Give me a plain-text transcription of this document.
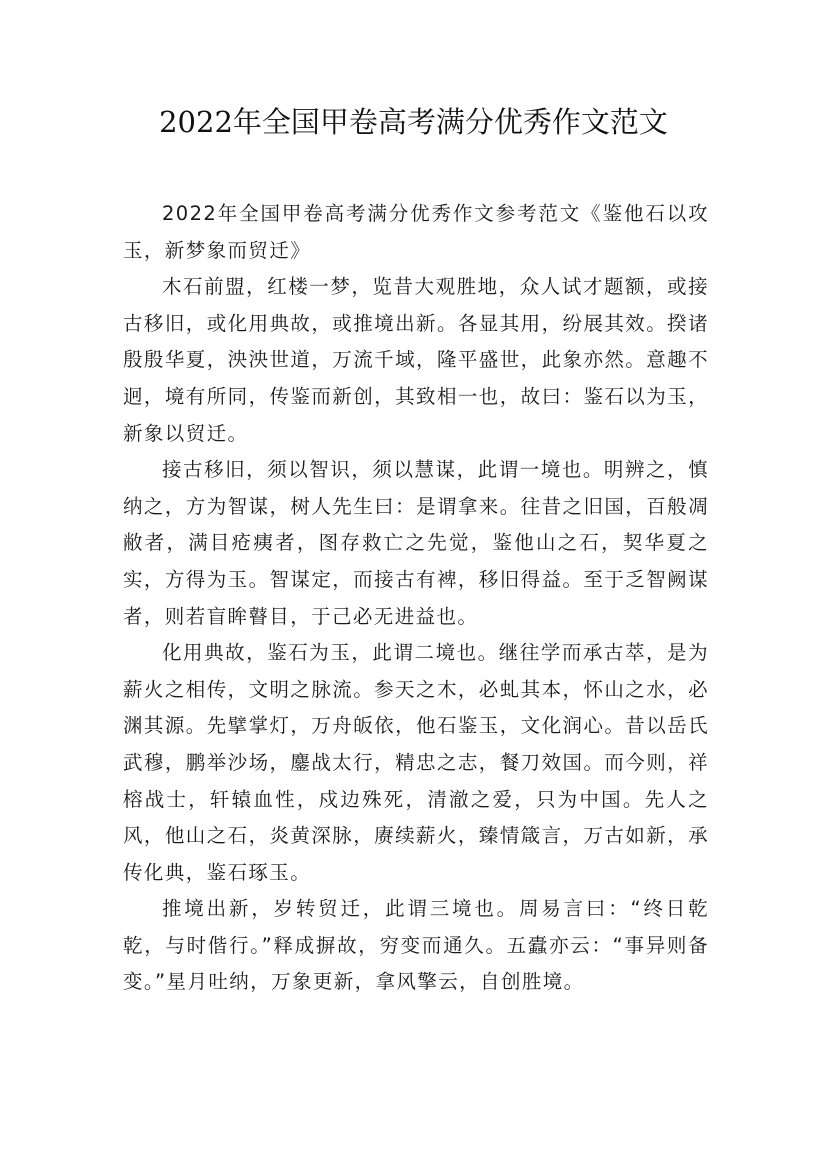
2022年全国甲卷高考满分优秀作文范文

2022年全国甲卷高考满分优秀作文参考范文《鉴他石以攻玉，新梦象而贸迁》

木石前盟，红楼一梦，览昔大观胜地，众人试才题额，或接古移旧，或化用典故，或推境出新。各显其用，纷展其效。揆诸殷殷华夏，泱泱世道，万流千域，隆平盛世，此象亦然。意趣不迥，境有所同，传鉴而新创，其致相一也，故曰：鉴石以为玉，新象以贸迁。

接古移旧，须以智识，须以慧谋，此谓一境也。明辨之，慎纳之，方为智谋，树人先生曰：是谓拿来。往昔之旧国，百般凋敝者，满目疮痍者，图存救亡之先觉，鉴他山之石，契华夏之实，方得为玉。智谋定，而接古有裨，移旧得益。至于乏智阙谋者，则若盲眸瞽目，于己必无进益也。

化用典故，鉴石为玉，此谓二境也。继往学而承古萃，是为薪火之相传，文明之脉流。参天之木，必虬其本，怀山之水，必渊其源。先擘掌灯，万舟皈依，他石鉴玉，文化润心。昔以岳氏武穆，鹏举沙场，鏖战太行，精忠之志，餐刀效国。而今则，祥榕战士，轩辕血性，戍边殊死，清澈之爱，只为中国。先人之风，他山之石，炎黄深脉，赓续薪火，臻情箴言，万古如新，承传化典，鉴石琢玉。

推境出新，岁转贸迁，此谓三境也。周易言曰：“终日乾乾，与时偕行。”释成摒故，穷变而通久。五蠹亦云：“事异则备变。”星月吐纳，万象更新，拿风擎云，自创胜境。
